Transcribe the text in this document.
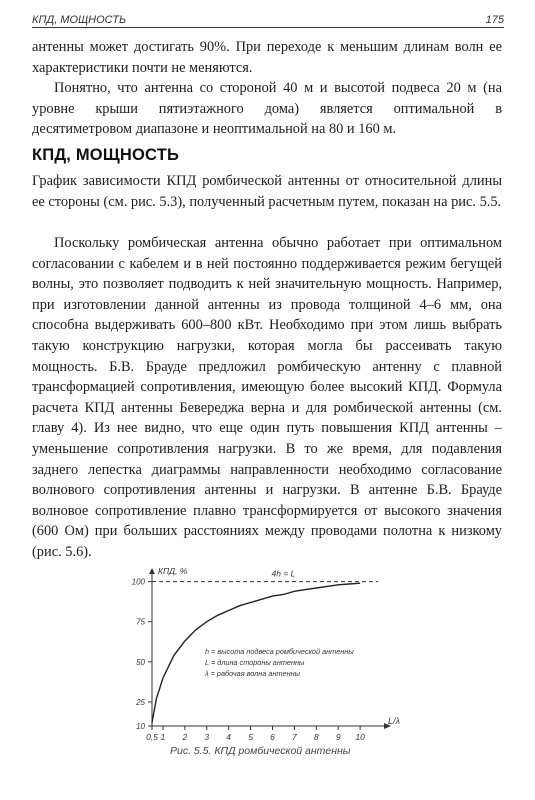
КПД, МОЩНОСТЬ	175

антенны может достигать 90%. При переходе к меньшим длинам волн ее характеристики почти не меняются.

Понятно, что антенна со стороной 40 м и высотой подвеса 20 м (на уровне крыши пятиэтажного дома) является оптимальной в десятиметровом диапазоне и неоптимальной на 80 и 160 м.

КПД, МОЩНОСТЬ

График зависимости КПД ромбической антенны от относительной длины ее стороны (см. рис. 5.3), полученный расчетным путем, показан на рис. 5.5.

Поскольку ромбическая антенна обычно работает при оптимальном согласовании с кабелем и в ней постоянно поддерживается режим бегущей волны, это позволяет подводить к ней значительную мощность. Например, при изготовлении данной антенны из провода толщиной 4–6 мм, она способна выдерживать 600–800 кВт. Необходимо при этом лишь выбрать такую конструкцию нагрузки, которая могла бы рассеивать такую мощность. Б.В. Брауде предложил ромбическую антенну с плавной трансформацией сопротивления, имеющую более высокий КПД. Формула расчета КПД антенны Бевереджа верна и для ромбической антенны (см. главу 4). Из нее видно, что еще один путь повышения КПД антенны – уменьшение сопротивления нагрузки. В то же время, для подавления заднего лепестка диаграммы направленности необходимо согласование волнового сопротивления антенны и нагрузки. В антенне Б.В. Брауде волновое сопротивление плавно трансформируется от высокого значения (600 Ом) при больших расстояниях между проводами полотна к низкому (рис. 5.6).

10
25
50
75
100
0,5 1 2 3 4 5 6 7 8 9 10
КПД, %
L/λ
4h = L
h = высота подвеса ромбической антенны
L = длина стороны антенны
λ = рабочая волна антенны
Рис. 5.5. КПД ромбической антенны
